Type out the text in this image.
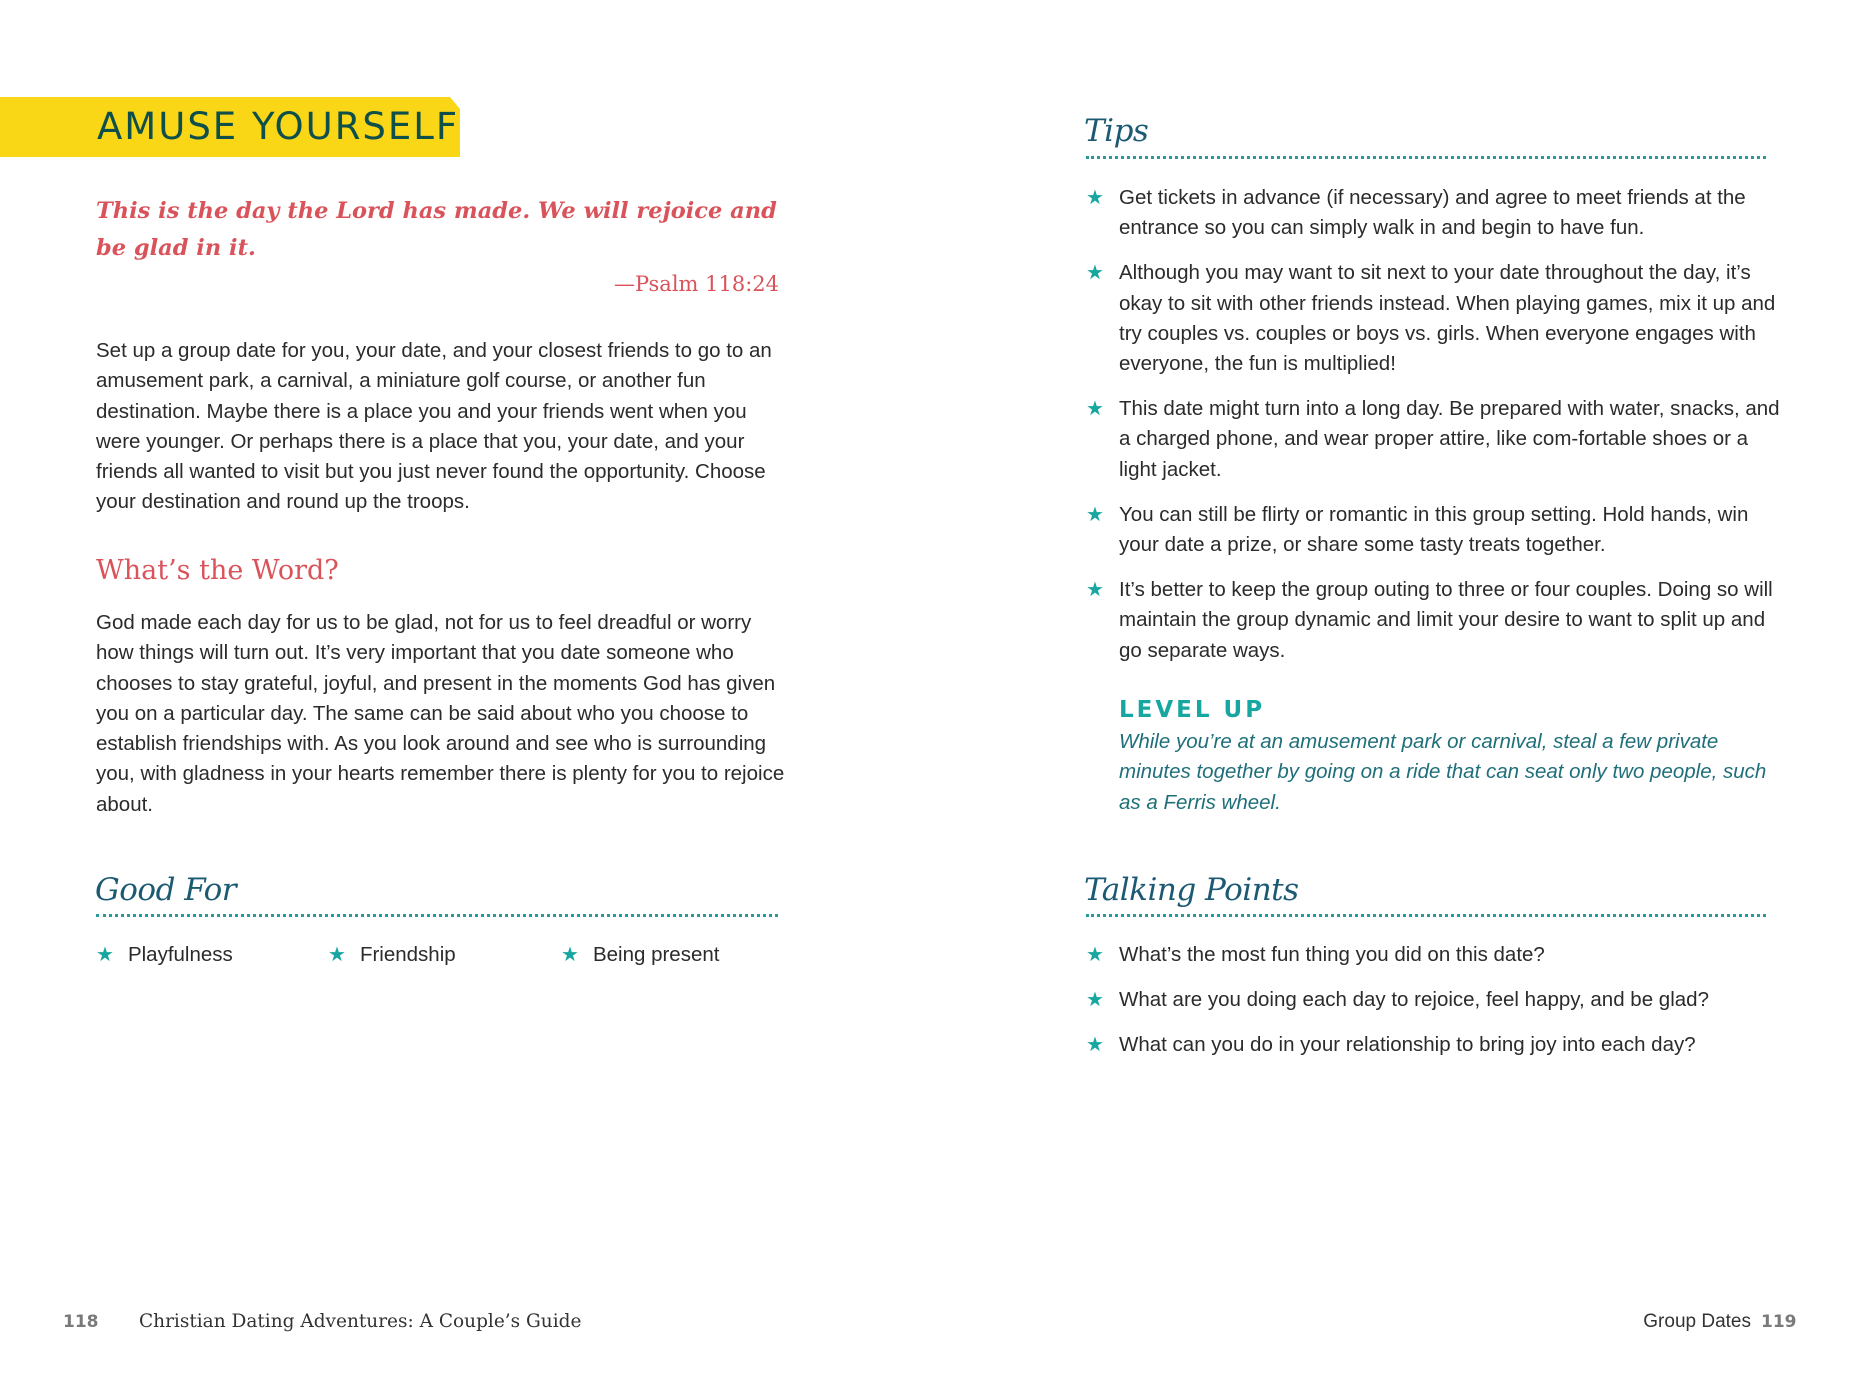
AMUSE YOURSELF
This is the day the Lord has made. We will rejoice and be glad in it.
—Psalm 118:24
Set up a group date for you, your date, and your closest friends to go to an amusement park, a carnival, a miniature golf course, or another fun destination. Maybe there is a place you and your friends went when you were younger. Or perhaps there is a place that you, your date, and your friends all wanted to visit but you just never found the opportunity. Choose your destination and round up the troops.
What’s the Word?
God made each day for us to be glad, not for us to feel dreadful or worry how things will turn out. It’s very important that you date someone who chooses to stay grateful, joyful, and present in the moments God has given you on a particular day. The same can be said about who you choose to establish friendships with. As you look around and see who is surrounding you, with gladness in your hearts remember there is plenty for you to rejoice about.
Good For
★ Playfulness	★ Friendship	★ Being present
118 Christian Dating Adventures: A Couple’s Guide
Tips
★ Get tickets in advance (if necessary) and agree to meet friends at the entrance so you can simply walk in and begin to have fun.
★ Although you may want to sit next to your date throughout the day, it’s okay to sit with other friends instead. When playing games, mix it up and try couples vs. couples or boys vs. girls. When everyone engages with everyone, the fun is multiplied!
★ This date might turn into a long day. Be prepared with water, snacks, and a charged phone, and wear proper attire, like com-fortable shoes or a light jacket.
★ You can still be flirty or romantic in this group setting. Hold hands, win your date a prize, or share some tasty treats together.
★ It’s better to keep the group outing to three or four couples. Doing so will maintain the group dynamic and limit your desire to want to split up and go separate ways.
LEVEL UP
While you’re at an amusement park or carnival, steal a few private minutes together by going on a ride that can seat only two people, such as a Ferris wheel.
Talking Points
★ What’s the most fun thing you did on this date?
★ What are you doing each day to rejoice, feel happy, and be glad?
★ What can you do in your relationship to bring joy into each day?
Group Dates 119
